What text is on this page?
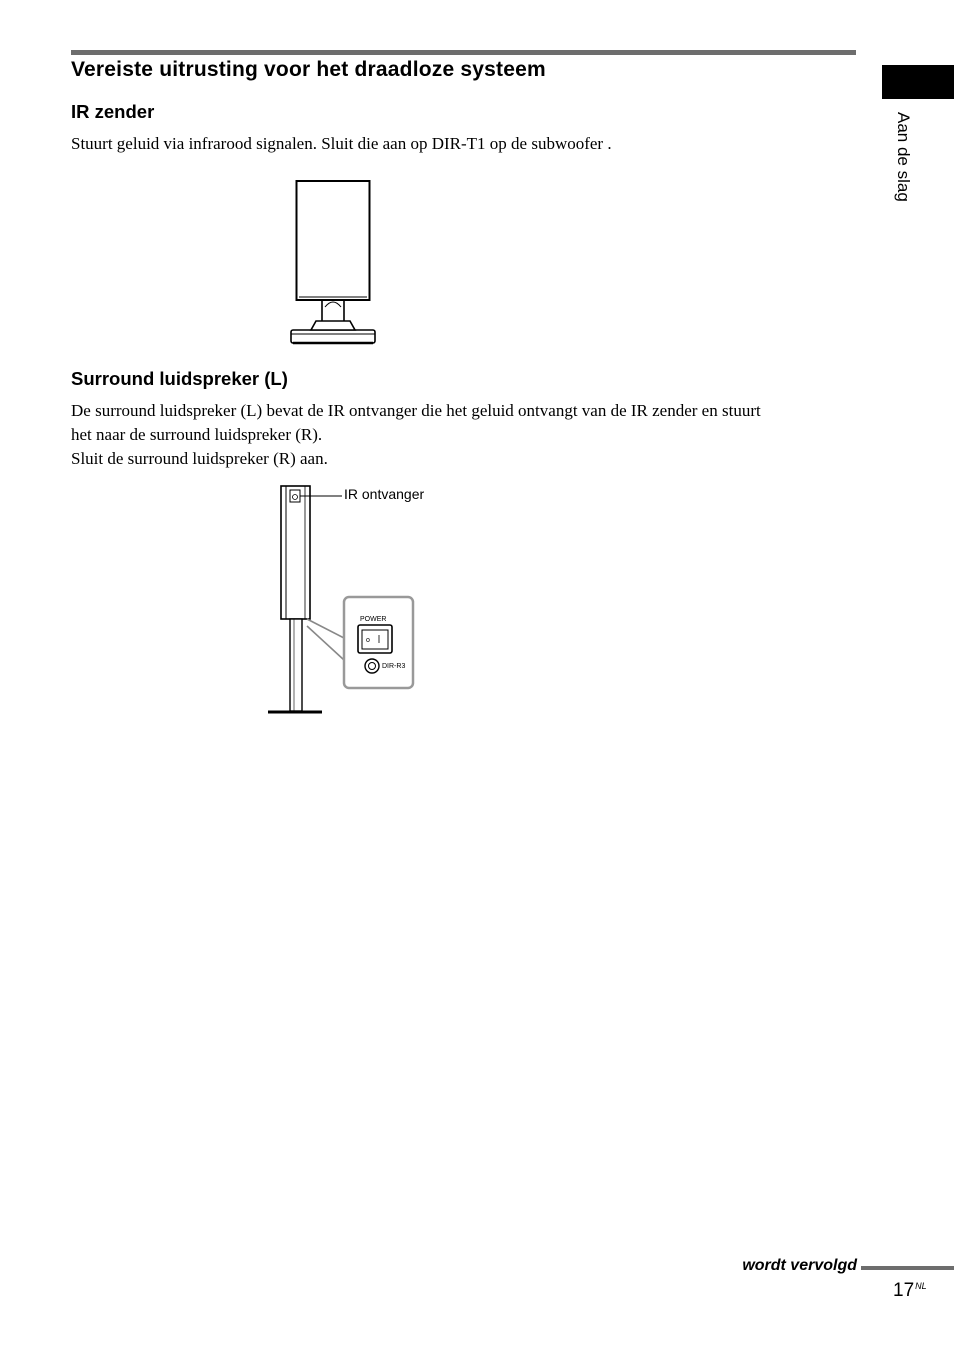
Vereiste uitrusting voor het draadloze systeem
Aan de slag
IR zender

Stuurt geluid via infrarood signalen. Sluit die aan op DIR-T1 op de subwoofer .

Surround luidspreker (L)

De surround luidspreker (L) bevat de IR ontvanger die het geluid ontvangt van de IR zender en stuurt

het naar de surround luidspreker (R).

Sluit de surround luidspreker (R) aan.

POWER
o
DIR-R3
IR ontvanger
wordt vervolgd
$17^{NL}$
